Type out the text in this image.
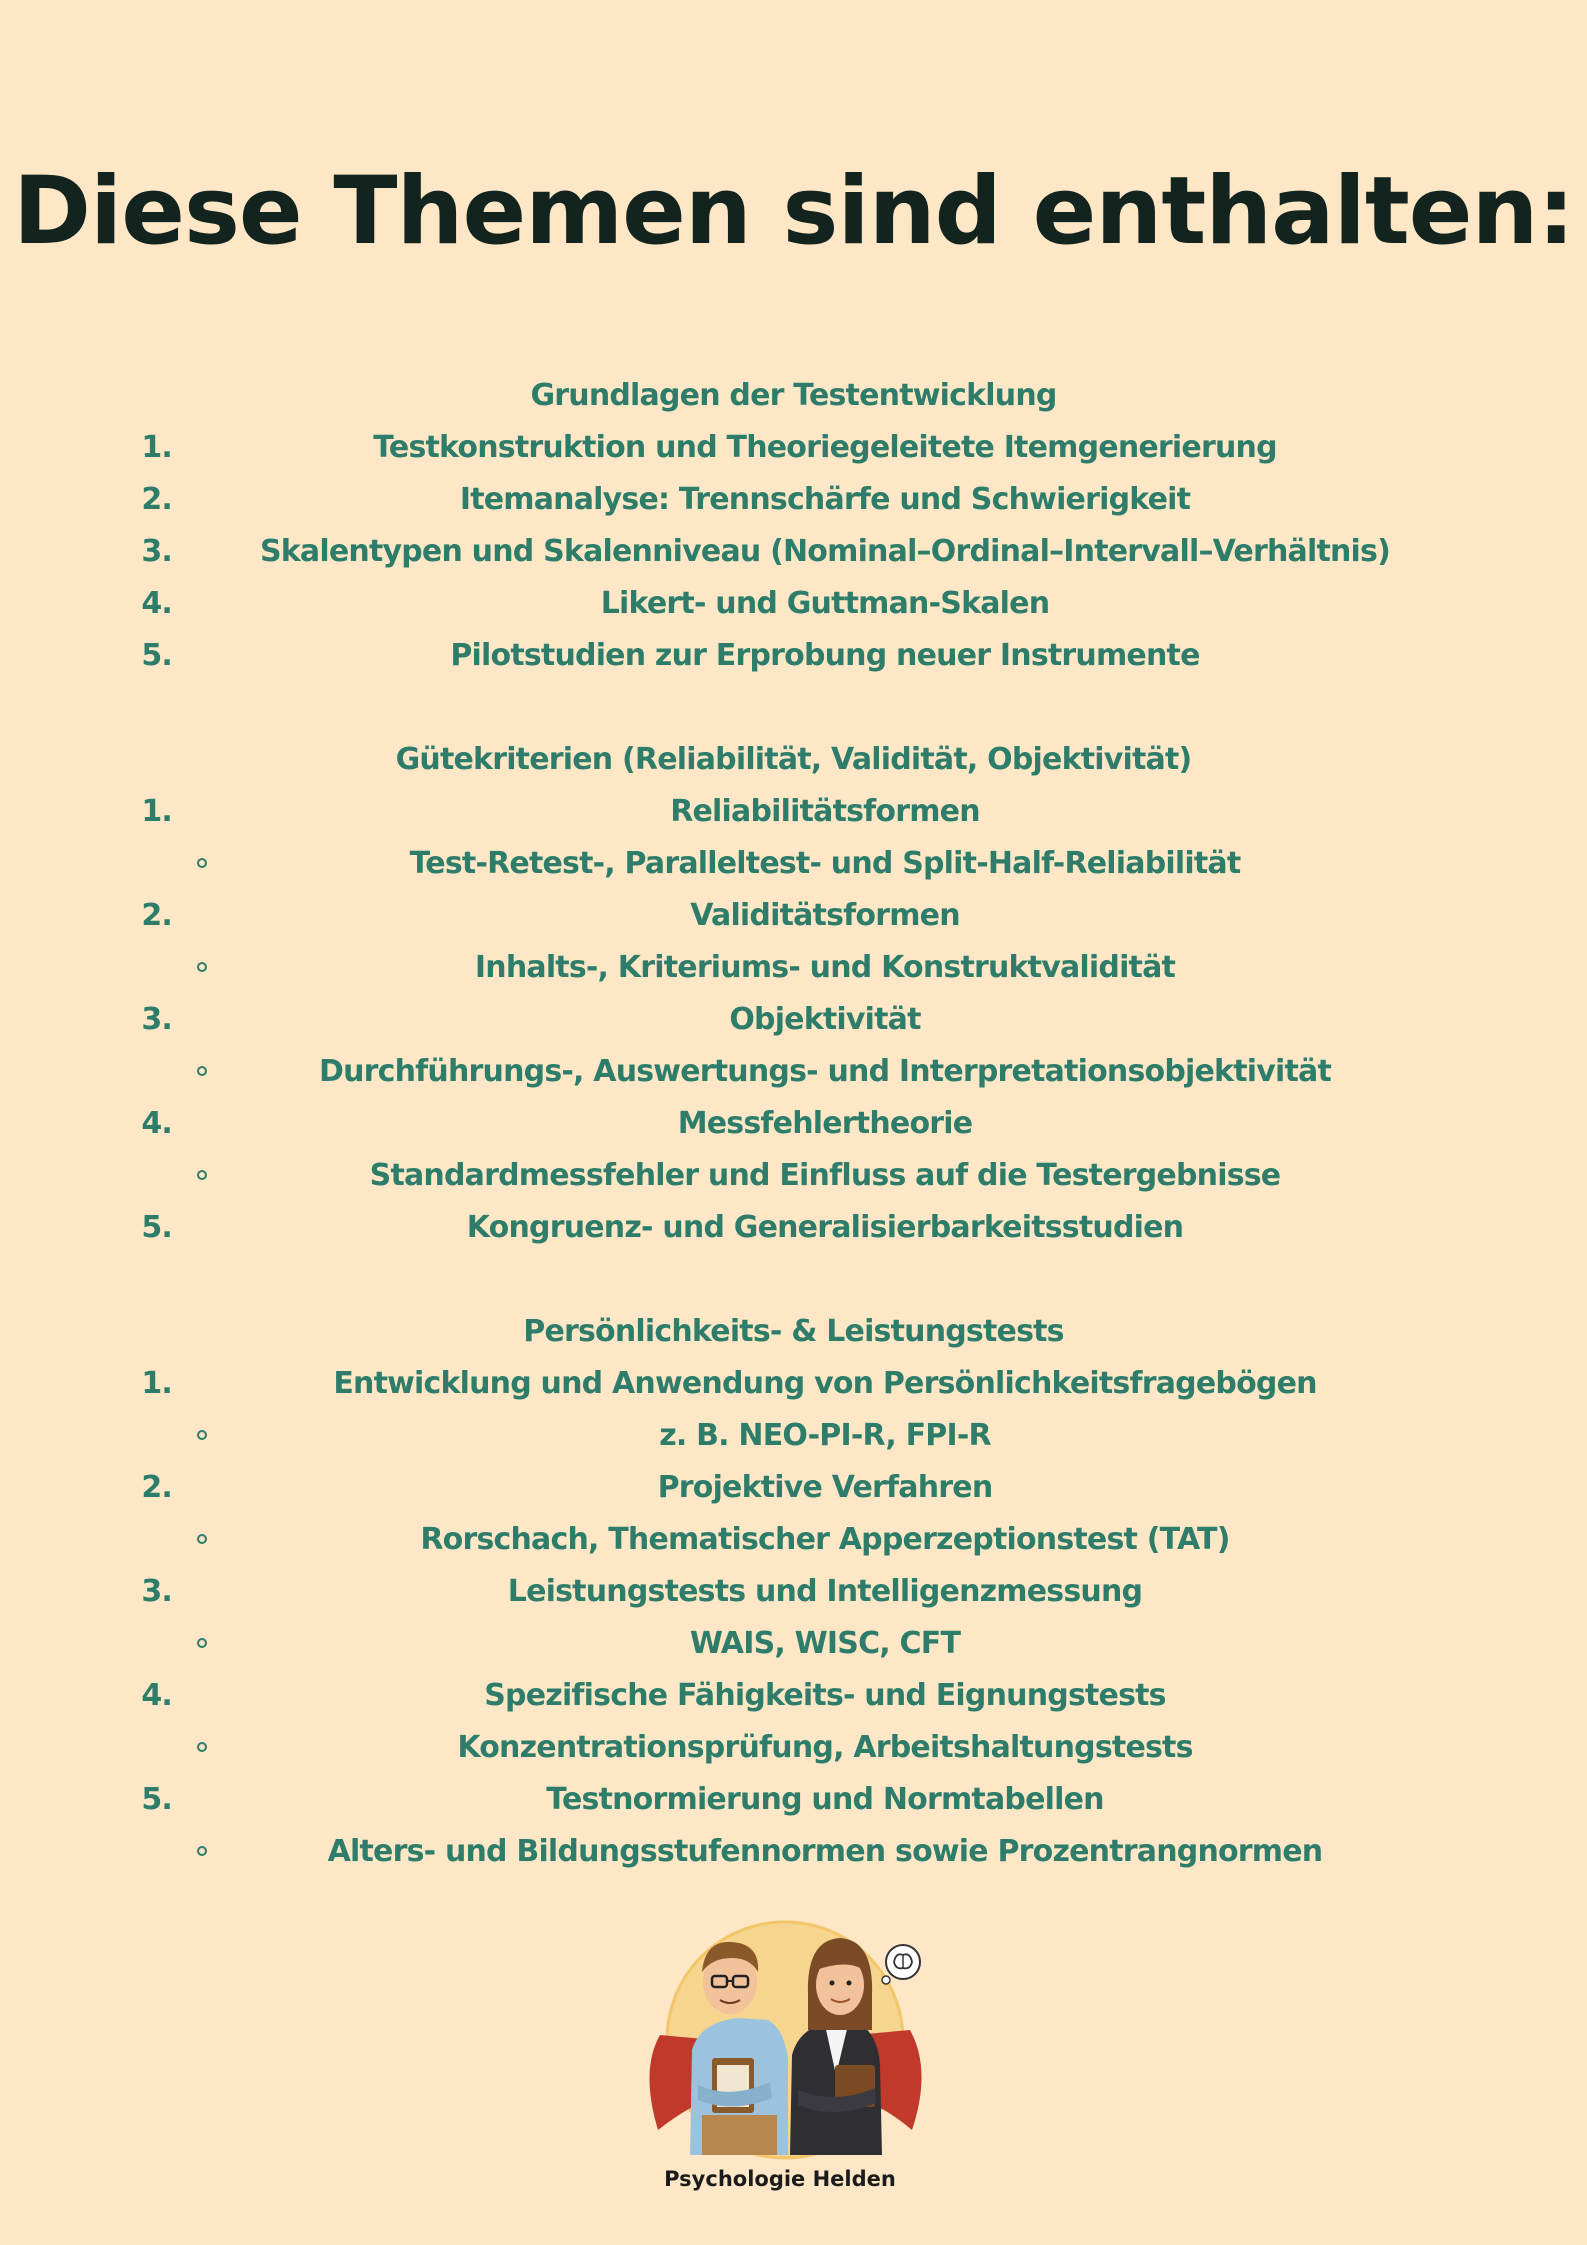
Diese Themen sind enthalten:
Grundlagen der Testentwicklung
1.	Testkonstruktion und Theoriegeleitete Itemgenerierung
2.	Itemanalyse: Trennschärfe und Schwierigkeit
3.	Skalentypen und Skalenniveau (Nominal–Ordinal–Intervall–Verhältnis)
4.	Likert- und Guttman-Skalen
5.	Pilotstudien zur Erprobung neuer Instrumente
Gütekriterien (Reliabilität, Validität, Objektivität)
1.	Reliabilitätsformen
Test-Retest-, Paralleltest- und Split-Half-Reliabilität
2.	Validitätsformen
Inhalts-, Kriteriums- und Konstruktvalidität
3.	Objektivität
Durchführungs-, Auswertungs- und Interpretationsobjektivität
4.	Messfehlertheorie
Standardmessfehler und Einfluss auf die Testergebnisse
5.	Kongruenz- und Generalisierbarkeitsstudien
Persönlichkeits- & Leistungstests
1.	Entwicklung und Anwendung von Persönlichkeitsfragebögen
z. B. NEO-PI-R, FPI-R
2.	Projektive Verfahren
Rorschach, Thematischer Apperzeptionstest (TAT)
3.	Leistungstests und Intelligenzmessung
WAIS, WISC, CFT
4.	Spezifische Fähigkeits- und Eignungstests
Konzentrationsprüfung, Arbeitshaltungstests
5.	Testnormierung und Normtabellen
Alters- und Bildungsstufennormen sowie Prozentrangnormen
Psychologie Helden
